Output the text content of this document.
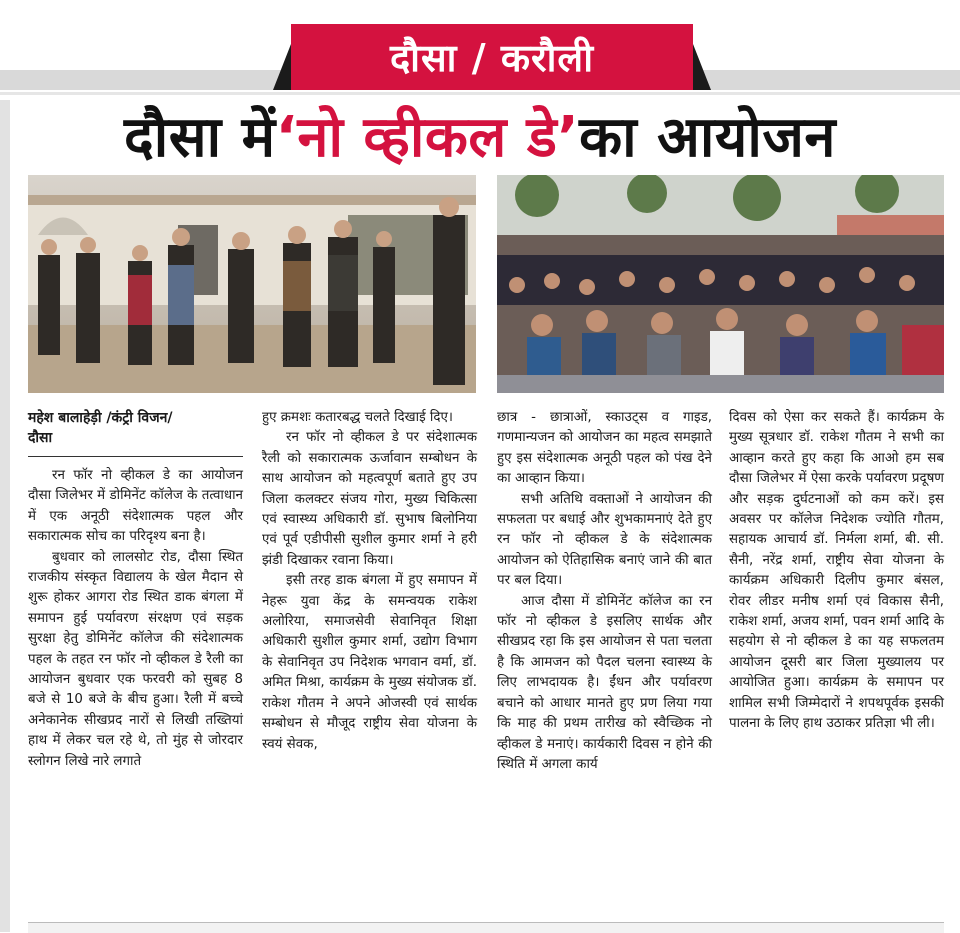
दौसा / करौली
दौसा में ‘नो व्हीकल डे’ का आयोजन
महेश बालाहेड़ी /कंट्री विजन/
दौसा

रन फॉर नो व्हीकल डे का आयोजन दौसा जिलेभर में डोमिनेंट कॉलेज के तत्वाधान में एक अनूठी संदेशात्मक पहल और सकारात्मक सोच का परिदृश्य बना है।

बुधवार को लालसोट रोड, दौसा स्थित राजकीय संस्कृत विद्यालय के खेल मैदान से शुरू होकर आगरा रोड स्थित डाक बंगला में समापन हुई पर्यावरण संरक्षण एवं सड़क सुरक्षा हेतु डोमिनेंट कॉलेज की संदेशात्मक पहल के तहत रन फॉर नो व्हीकल डे रैली का आयोजन बुधवार एक फरवरी को सुबह 8 बजे से 10 बजे के बीच हुआ। रैली में बच्चे अनेकानेक सीखप्रद नारों से लिखी तख्तियां हाथ में लेकर चल रहे थे, तो मुंह से जोरदार स्लोगन लिखे नारे लगाते

हुए क्रमशः कतारबद्ध चलते दिखाई दिए।

रन फॉर नो व्हीकल डे पर संदेशात्मक रैली को सकारात्मक ऊर्जावान सम्बोधन के साथ आयोजन को महत्वपूर्ण बताते हुए उप जिला कलक्टर संजय गोरा, मुख्य चिकित्सा एवं स्वास्थ्य अधिकारी डॉ. सुभाष बिलोनिया एवं पूर्व एडीपीसी सुशील कुमार शर्मा ने हरी झंडी दिखाकर रवाना किया।

इसी तरह डाक बंगला में हुए समापन में नेहरू युवा केंद्र के समन्वयक राकेश अलोरिया, समाजसेवी सेवानिवृत शिक्षा अधिकारी सुशील कुमार शर्मा, उद्योग विभाग के सेवानिवृत उप निदेशक भगवान वर्मा, डॉ. अमित मिश्रा, कार्यक्रम के मुख्य संयोजक डॉ. राकेश गौतम ने अपने ओजस्वी एवं सार्थक सम्बोधन से मौजूद राष्ट्रीय सेवा योजना के स्वयं सेवक,

छात्र - छात्राओं, स्काउट्स व गाइड, गणमान्यजन को आयोजन का महत्व समझाते हुए इस संदेशात्मक अनूठी पहल को पंख देने का आव्हान किया।

सभी अतिथि वक्ताओं ने आयोजन की सफलता पर बधाई और शुभकामनाएं देते हुए रन फॉर नो व्हीकल डे के संदेशात्मक आयोजन को ऐतिहासिक बनाएं जाने की बात पर बल दिया।

आज दौसा में डोमिनेंट कॉलेज का रन फॉर नो व्हीकल डे इसलिए सार्थक और सीखप्रद रहा कि इस आयोजन से पता चलता है कि आमजन को पैदल चलना स्वास्थ्य के लिए लाभदायक है। ईंधन और पर्यावरण बचाने को आधार मानते हुए प्रण लिया गया कि माह की प्रथम तारीख को स्वैच्छिक नो व्हीकल डे मनाएं। कार्यकारी दिवस न होने की स्थिति में अगला कार्य

दिवस को ऐसा कर सकते हैं। कार्यक्रम के मुख्य सूत्रधार डॉ. राकेश गौतम ने सभी का आव्हान करते हुए कहा कि आओ हम सब दौसा जिलेभर में ऐसा करके पर्यावरण प्रदूषण और सड़क दुर्घटनाओं को कम करें। इस अवसर पर कॉलेज निदेशक ज्योति गौतम, सहायक आचार्य डॉ. निर्मला शर्मा, बी. सी. सैनी, नरेंद्र शर्मा, राष्ट्रीय सेवा योजना के कार्यक्रम अधिकारी दिलीप कुमार बंसल, रोवर लीडर मनीष शर्मा एवं विकास सैनी, राकेश शर्मा, अजय शर्मा, पवन शर्मा आदि के सहयोग से नो व्हीकल डे का यह सफलतम आयोजन दूसरी बार जिला मुख्यालय पर आयोजित हुआ। कार्यक्रम के समापन पर शामिल सभी जिम्मेदारों ने शपथपूर्वक इसकी पालना के लिए हाथ उठाकर प्रतिज्ञा भी ली।
